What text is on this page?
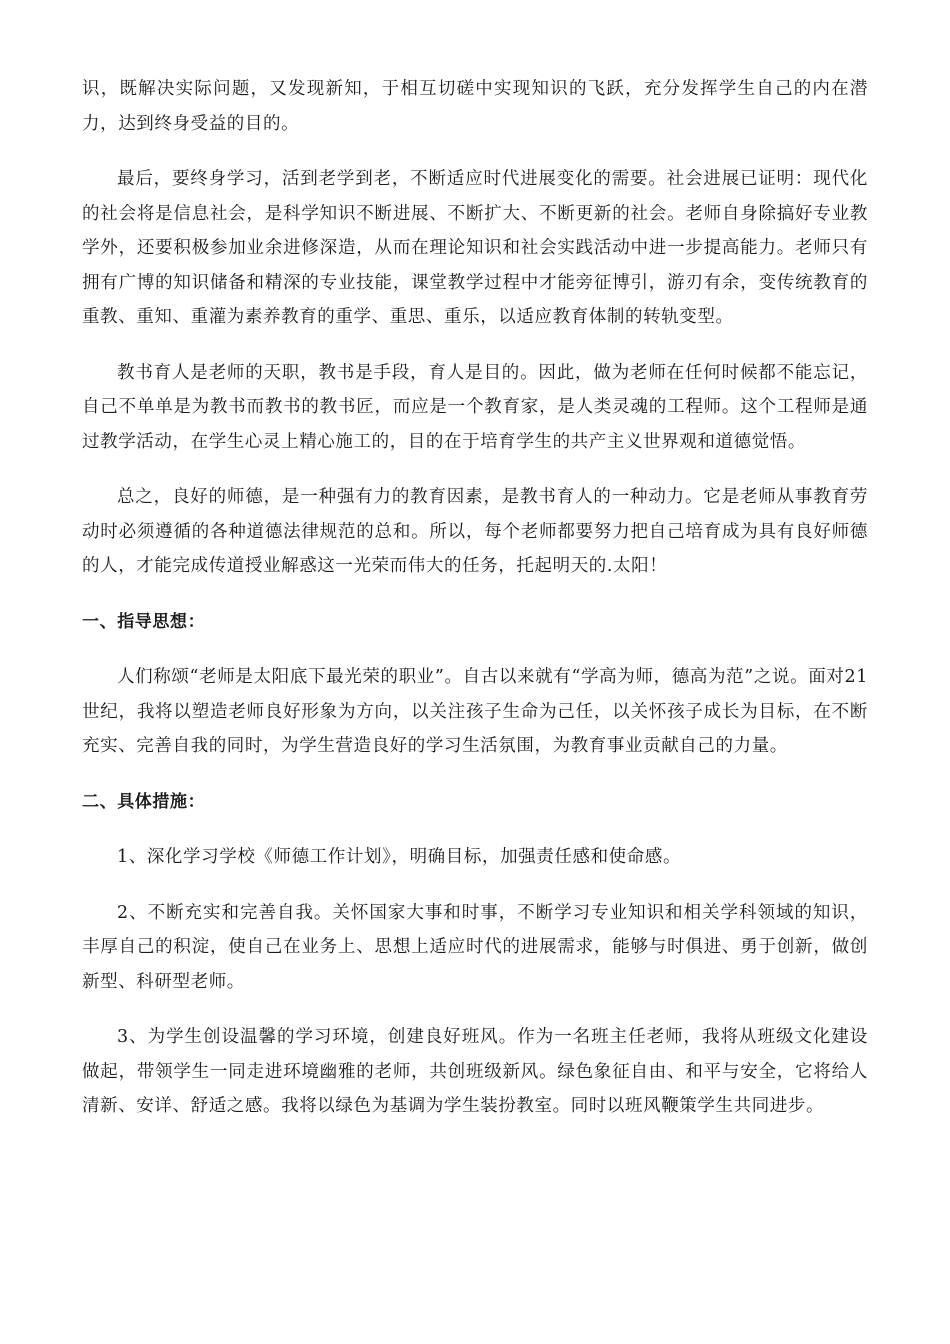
识，既解决实际问题，又发现新知，于相互切磋中实现知识的飞跃，充分发挥学生自己的内在潜力，达到终身受益的目的。

最后，要终身学习，活到老学到老，不断适应时代进展变化的需要。社会进展已证明：现代化的社会将是信息社会，是科学知识不断进展、不断扩大、不断更新的社会。老师自身除搞好专业教学外，还要积极参加业余进修深造，从而在理论知识和社会实践活动中进一步提高能力。老师只有拥有广博的知识储备和精深的专业技能，课堂教学过程中才能旁征博引，游刃有余，变传统教育的重教、重知、重灌为素养教育的重学、重思、重乐，以适应教育体制的转轨变型。

教书育人是老师的天职，教书是手段，育人是目的。因此，做为老师在任何时候都不能忘记，自己不单单是为教书而教书的教书匠，而应是一个教育家，是人类灵魂的工程师。这个工程师是通过教学活动，在学生心灵上精心施工的，目的在于培育学生的共产主义世界观和道德觉悟。

总之，良好的师德，是一种强有力的教育因素，是教书育人的一种动力。它是老师从事教育劳动时必须遵循的各种道德法律规范的总和。所以，每个老师都要努力把自己培育成为具有良好师德的人，才能完成传道授业解惑这一光荣而伟大的任务，托起明天的.太阳！

一、指导思想：

人们称颂“老师是太阳底下最光荣的职业”。自古以来就有“学高为师，德高为范”之说。面对21世纪，我将以塑造老师良好形象为方向，以关注孩子生命为己任，以关怀孩子成长为目标，在不断充实、完善自我的同时，为学生营造良好的学习生活氛围，为教育事业贡献自己的力量。

二、具体措施：

1、深化学习学校《师德工作计划》，明确目标，加强责任感和使命感。

2、不断充实和完善自我。关怀国家大事和时事，不断学习专业知识和相关学科领域的知识，丰厚自己的积淀，使自己在业务上、思想上适应时代的进展需求，能够与时俱进、勇于创新，做创新型、科研型老师。

3、为学生创设温馨的学习环境，创建良好班风。作为一名班主任老师，我将从班级文化建设做起，带领学生一同走进环境幽雅的老师，共创班级新风。绿色象征自由、和平与安全，它将给人清新、安详、舒适之感。我将以绿色为基调为学生装扮教室。同时以班风鞭策学生共同进步。
